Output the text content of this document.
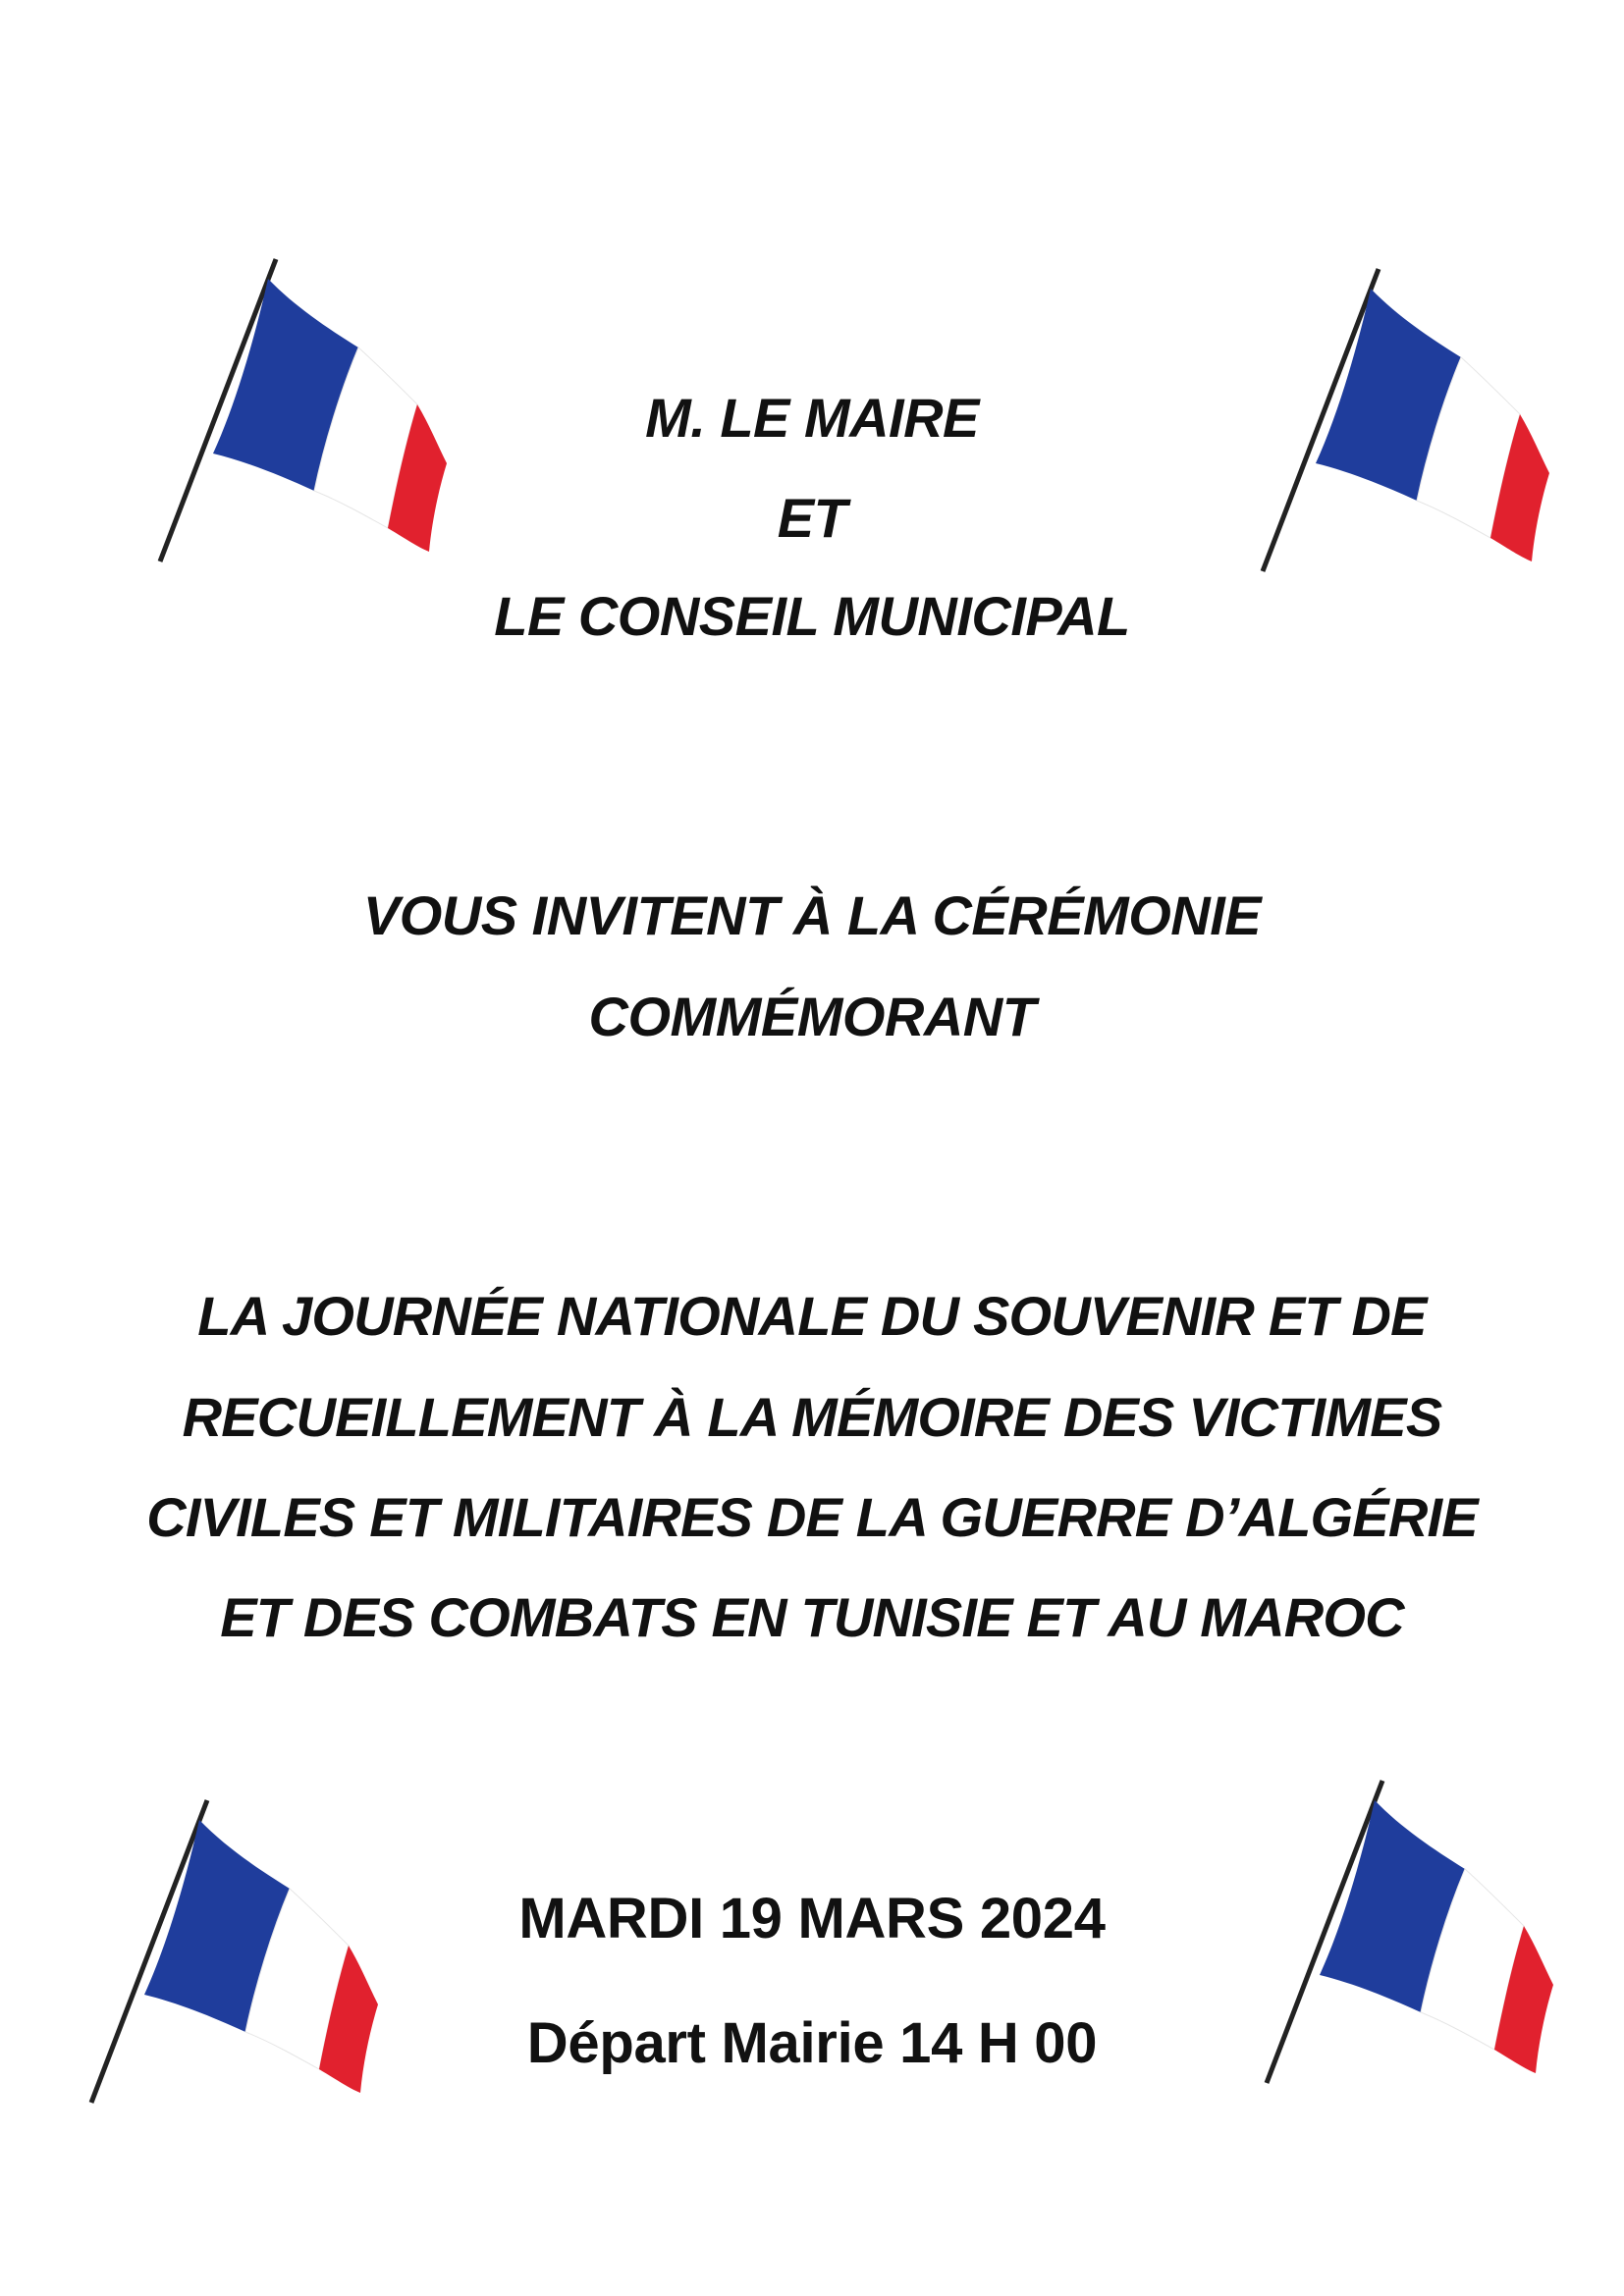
M. LE MAIRE
ET
LE CONSEIL MUNICIPAL
VOUS INVITENT À LA CÉRÉMONIE
COMMÉMORANT
LA JOURNÉE NATIONALE DU SOUVENIR ET DE
RECUEILLEMENT À LA MÉMOIRE DES VICTIMES
CIVILES ET MILITAIRES DE LA GUERRE D’ALGÉRIE
ET DES COMBATS EN TUNISIE ET AU MAROC
MARDI 19 MARS 2024
Départ Mairie 14 H 00
